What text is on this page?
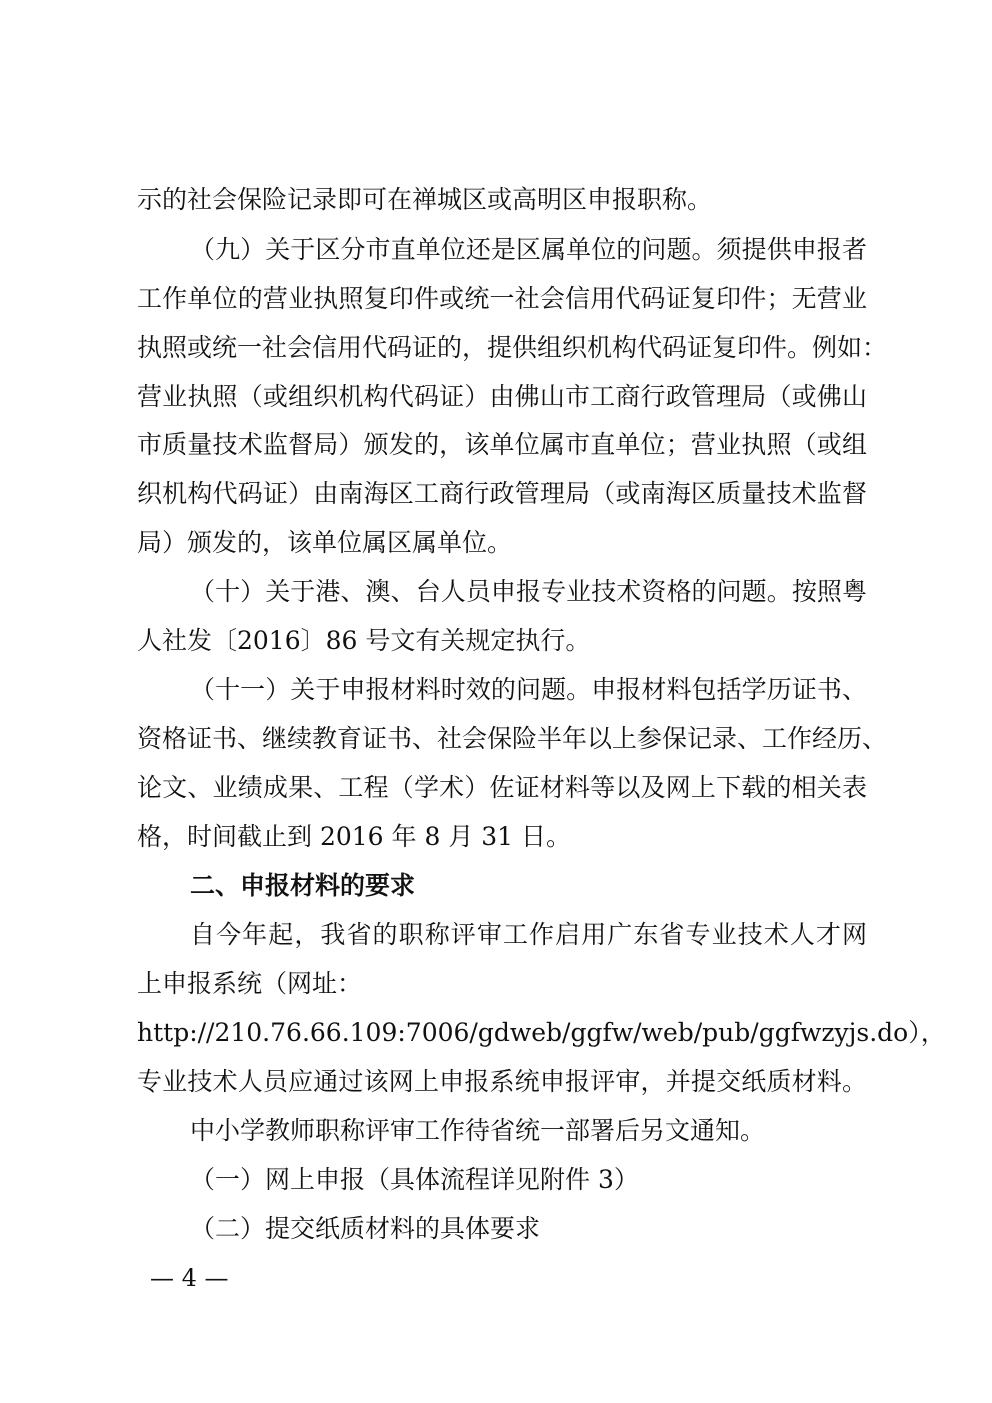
示的社会保险记录即可在禅城区或高明区申报职称。
（九）关于区分市直单位还是区属单位的问题。须提供申报者
工作单位的营业执照复印件或统一社会信用代码证复印件；无营业
执照或统一社会信用代码证的，提供组织机构代码证复印件。例如：
营业执照（或组织机构代码证）由佛山市工商行政管理局（或佛山
市质量技术监督局）颁发的，该单位属市直单位；营业执照（或组
织机构代码证）由南海区工商行政管理局（或南海区质量技术监督
局）颁发的，该单位属区属单位。
（十）关于港、澳、台人员申报专业技术资格的问题。按照粤
人社发〔2016〕86 号文有关规定执行。
（十一）关于申报材料时效的问题。申报材料包括学历证书、
资格证书、继续教育证书、社会保险半年以上参保记录、工作经历、
论文、业绩成果、工程（学术）佐证材料等以及网上下载的相关表
格，时间截止到 2016 年 8 月 31 日。
二、申报材料的要求
自今年起，我省的职称评审工作启用广东省专业技术人才网
上申报系统（网址：
http://210.76.66.109:7006/gdweb/ggfw/web/pub/ggfwzyjs.do），
专业技术人员应通过该网上申报系统申报评审，并提交纸质材料。
中小学教师职称评审工作待省统一部署后另文通知。
（一）网上申报（具体流程详见附件 3）
（二）提交纸质材料的具体要求
— 4 —
